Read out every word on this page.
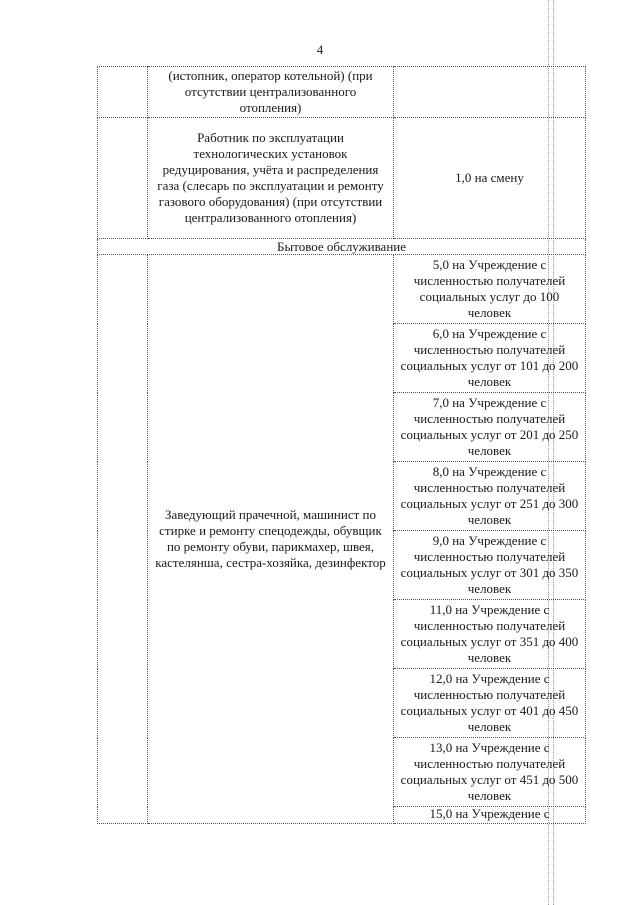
4
	(истопник, оператор котельной) (при отсутствии централизованного отопления)	
	Работник по эксплуатации технологических установок редуцирования, учёта и распределения газа (слесарь по эксплуатации и ремонту газового оборудования) (при отсутствии централизованного отопления)	1,0 на смену
Бытовое обслуживание		
	Заведующий прачечной, машинист по стирке и ремонту спецодежды, обувщик по ремонту обуви, парикмахер, швея, кастелянша, сестра-хозяйка, дезинфектор	5,0 на Учреждение с численностью получателей социальных услуг до 100 человек
		6,0 на Учреждение с численностью получателей социальных услуг от 101 до 200 человек
		7,0 на Учреждение с численностью получателей социальных услуг от 201 до 250 человек
		8,0 на Учреждение с численностью получателей социальных услуг от 251 до 300 человек
		9,0 на Учреждение с численностью получателей социальных услуг от 301 до 350 человек
		11,0 на Учреждение с численностью получателей социальных услуг от 351 до 400 человек
		12,0 на Учреждение с численностью получателей социальных услуг от 401 до 450 человек
		13,0 на Учреждение с численностью получателей социальных услуг от 451 до 500 человек
		15,0 на Учреждение с
